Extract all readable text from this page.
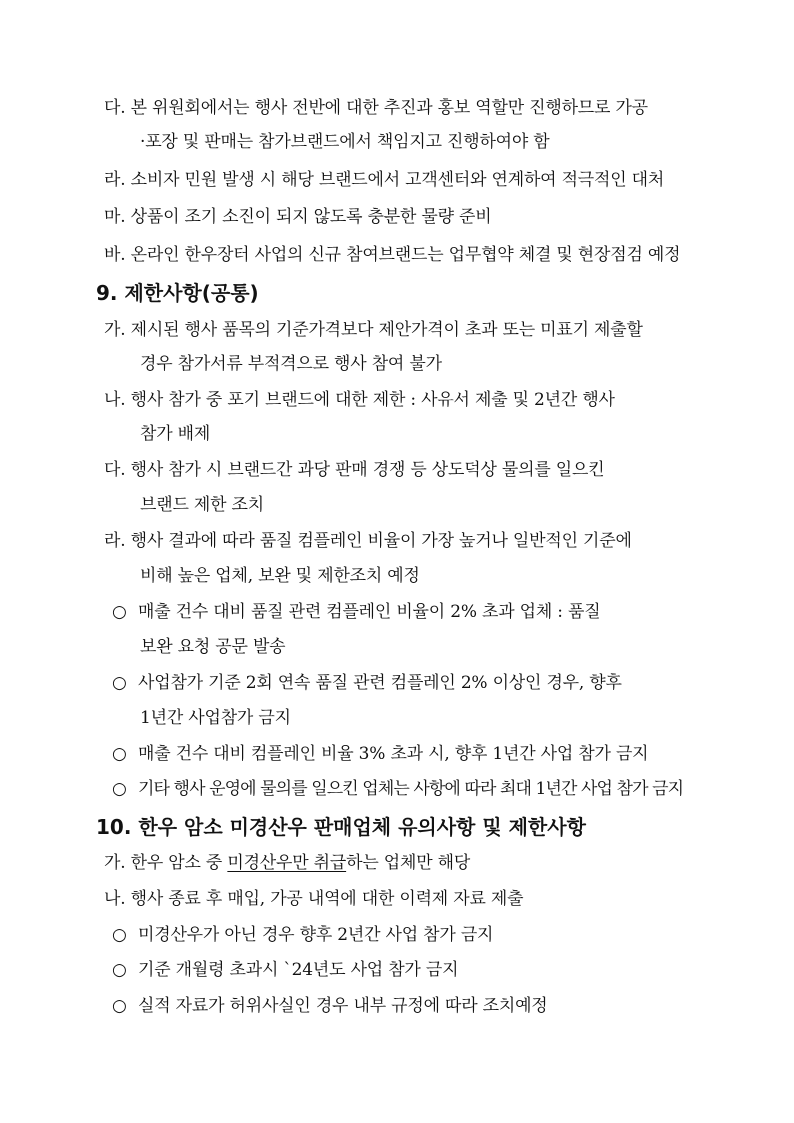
다. 본 위원회에서는 행사 전반에 대한 추진과 홍보 역할만 진행하므로 가공
·포장 및 판매는 참가브랜드에서 책임지고 진행하여야 함
라. 소비자 민원 발생 시 해당 브랜드에서 고객센터와 연계하여 적극적인 대처
마. 상품이 조기 소진이 되지 않도록 충분한 물량 준비
바. 온라인 한우장터 사업의 신규 참여브랜드는 업무협약 체결 및 현장점검 예정
9. 제한사항(공통)
가. 제시된 행사 품목의 기준가격보다 제안가격이 초과 또는 미표기 제출할
경우 참가서류 부적격으로 행사 참여 불가
나. 행사 참가 중 포기 브랜드에 대한 제한 : 사유서 제출 및 2년간 행사
참가 배제
다. 행사 참가 시 브랜드간 과당 판매 경쟁 등 상도덕상 물의를 일으킨
브랜드 제한 조치
라. 행사 결과에 따라 품질 컴플레인 비율이 가장 높거나 일반적인 기준에
비해 높은 업체, 보완 및 제한조치 예정
○ 매출 건수 대비 품질 관련 컴플레인 비율이 2% 초과 업체 : 품질
보완 요청 공문 발송
○ 사업참가 기준 2회 연속 품질 관련 컴플레인 2% 이상인 경우, 향후
1년간 사업참가 금지
○ 매출 건수 대비 컴플레인 비율 3% 초과 시, 향후 1년간 사업 참가 금지
○ 기타 행사 운영에 물의를 일으킨 업체는 사항에 따라 최대 1년간 사업 참가 금지
10. 한우 암소 미경산우 판매업체 유의사항 및 제한사항
가. 한우 암소 중 미경산우만 취급하는 업체만 해당
나. 행사 종료 후 매입, 가공 내역에 대한 이력제 자료 제출
○ 미경산우가 아닌 경우 향후 2년간 사업 참가 금지
○ 기준 개월령 초과시 `24년도 사업 참가 금지
○ 실적 자료가 허위사실인 경우 내부 규정에 따라 조치예정
